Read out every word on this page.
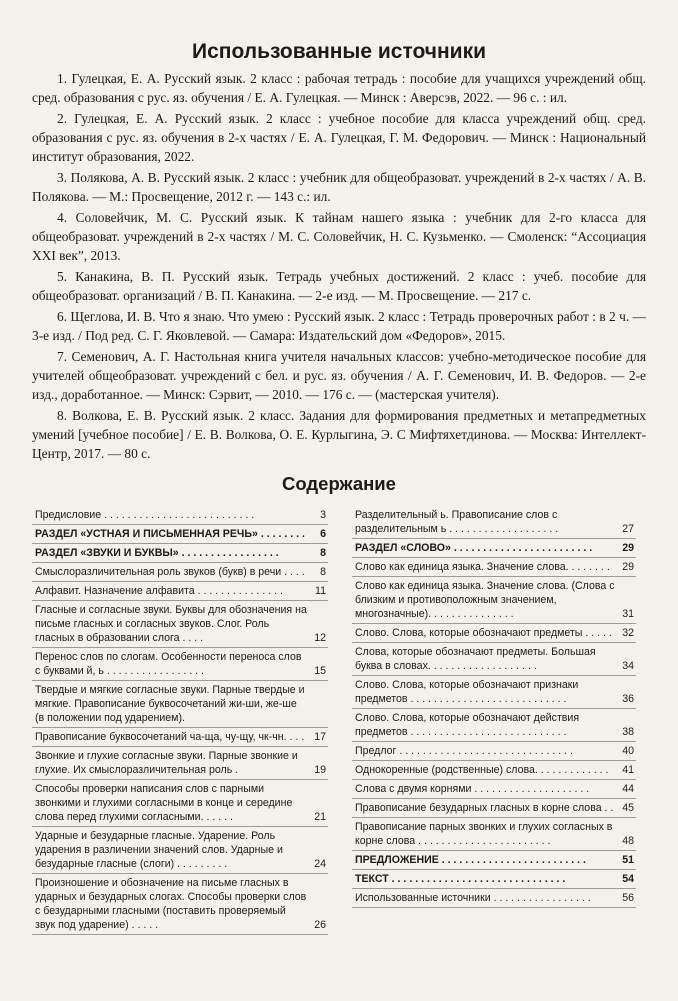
Использованные источники

1. Гулецкая, Е. А. Русский язык. 2 класс : рабочая тетрадь : пособие для учащихся учреждений общ. сред. образования с рус. яз. обучения / Е. А. Гулецкая. — Минск : Аверсэв, 2022. — 96 с. : ил.

2. Гулецкая, Е. А. Русский язык. 2 класс : учебное пособие для класса учреждений общ. сред. образования с рус. яз. обучения в 2-х частях / Е. А. Гулецкая, Г. М. Федорович. — Минск : Национальный институт образования, 2022.

3. Полякова, А. В. Русский язык. 2 класс : учебник для общеобразоват. учреждений в 2-х частях / А. В. Полякова. — М.: Просвещение, 2012 г. — 143 с.: ил.

4. Соловейчик, М. С. Русский язык. К тайнам нашего языка : учебник для 2-го класса для общеобразоват. учреждений в 2-х частях / М. С. Соловейчик, Н. С. Кузьменко. — Смоленск: “Ассоциация XXI век”, 2013.

5. Канакина, В. П. Русский язык. Тетрадь учебных достижений. 2 класс : учеб. пособие для общеобразоват. организаций / В. П. Канакина. — 2-е изд. — М. Просвещение. — 217 с.

6. Щеглова, И. В. Что я знаю. Что умею : Русский язык. 2 класс : Тетрадь проверочных работ : в 2 ч. — 3-е изд. / Под ред. С. Г. Яковлевой. — Самара: Издательский дом «Федоров», 2015.

7. Семенович, А. Г. Настольная книга учителя начальных классов: учебно-методическое пособие для учителей общеобразоват. учреждений с бел. и рус. яз. обучения / А. Г. Семенович, И. В. Федоров. — 2-е изд., доработанное. — Минск: Сэрвит, — 2010. — 176 с. — (мастерская учителя).

8. Волкова, Е. В. Русский язык. 2 класс. Задания для формирования предметных и метапредметных умений [учебное пособие] / Е. В. Волкова, О. Е. Курлыгина, Э. С Мифтяхетдинова. — Москва: Интеллект-Центр, 2017. — 80 с.

Содержание
Предисловие . . . . . . . . . . . . . . . . . . . . . . . . . .	3
РАЗДЕЛ «УСТНАЯ И ПИСЬМЕННАЯ РЕЧЬ» . . . . . . . .	6
РАЗДЕЛ «ЗВУКИ И БУКВЫ» . . . . . . . . . . . . . . . . .	8
Смыслоразличительная роль звуков (букв) в речи . . . .	8
Алфавит. Назначение алфавита . . . . . . . . . . . . . . .	11
Гласные и согласные звуки. Буквы для обозначения на письме гласных и согласных звуков. Слог. Роль гласных в образовании слога . . . .	12
Перенос слов по слогам. Особенности переноса слов с буквами й, ь . . . . . . . . . . . . . . . . .	15
Твердые и мягкие согласные звуки. Парные твердые и мягкие. Правописание буквосочетаний жи-ши, же-ше (в положении под ударением).
Правописание буквосочетаний ча-ща, чу-щу, чк-чн. . . . 17
Звонкие и глухие согласные звуки. Парные звонкие и глухие. Их смыслоразличительная роль .	19
Способы проверки написания слов с парными звонкими и глухими согласными в конце и середине слова перед глухими согласными. . . . . .	21
Ударные и безударные гласные. Ударение. Роль ударения в различении значений слов. Ударные и безударные гласные (слоги) . . . . . . . . .	24
Произношение и обозначение на письме гласных в ударных и безударных слогах. Способы проверки слов с безударными гласными (поставить проверяемый звук под ударение) . . . . .	26
Разделительный ь. Правописание слов с разделительным ь . . . . . . . . . . . . . . . . . . .	27
РАЗДЕЛ «СЛОВО» . . . . . . . . . . . . . . . . . . . . . . . .	29
Слово как единица языка. Значение слова. . . . . . . .	29
Слово как единица языка. Значение слова. (Слова с близким и противоположным значением, многозначные). . . . . . . . . . . . . . .	31
Слово. Слова, которые обозначают предметы . . . . . 32
Слова, которые обозначают предметы. Большая буква в словах. . . . . . . . . . . . . . . . . . .	34
Слово. Слова, которые обозначают признаки предметов . . . . . . . . . . . . . . . . . . . . . . . . . . .	36
Слово. Слова, которые обозначают действия предметов . . . . . . . . . . . . . . . . . . . . . . . . . . .	38
Предлог . . . . . . . . . . . . . . . . . . . . . . . . . . . . . .	40
Однокоренные (родственные) слова. . . . . . . . . . . . .	41
Слова с двумя корнями . . . . . . . . . . . . . . . . . . . .	44
Правописание безударных гласных в корне слова . . 45
Правописание парных звонких и глухих согласных в корне слова . . . . . . . . . . . . . . . . . . . . . . .	48
ПРЕДЛОЖЕНИЕ . . . . . . . . . . . . . . . . . . . . . . . . .	51
ТЕКСТ . . . . . . . . . . . . . . . . . . . . . . . . . . . . . .	54
Использованные источники . . . . . . . . . . . . . . . . .	56
